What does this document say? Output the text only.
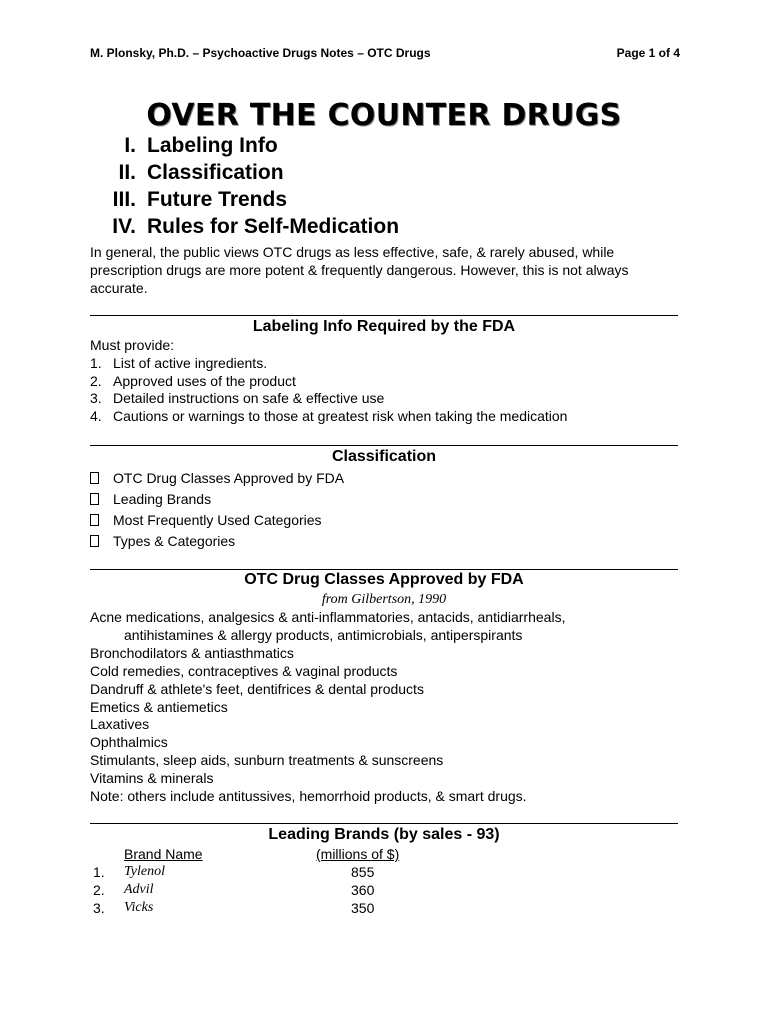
M. Plonsky, Ph.D. – Psychoactive Drugs Notes – OTC Drugs	Page 1 of 4
OVER THE COUNTER DRUGS
I. Labeling Info
II. Classification
III. Future Trends
IV. Rules for Self-Medication
In general, the public views OTC drugs as less effective, safe, & rarely abused, while
prescription drugs are more potent & frequently dangerous. However, this is not always
accurate.
Labeling Info Required by the FDA
Must provide:
1. List of active ingredients.
2. Approved uses of the product
3. Detailed instructions on safe & effective use
4. Cautions or warnings to those at greatest risk when taking the medication
Classification
OTC Drug Classes Approved by FDA
Leading Brands
Most Frequently Used Categories
Types & Categories
OTC Drug Classes Approved by FDA
from Gilbertson, 1990
Acne medications, analgesics & anti-inflammatories, antacids, antidiarrheals,
antihistamines & allergy products, antimicrobials, antiperspirants
Bronchodilators & antiasthmatics
Cold remedies, contraceptives & vaginal products
Dandruff & athlete's feet, dentifrices & dental products
Emetics & antiemetics
Laxatives
Ophthalmics
Stimulants, sleep aids, sunburn treatments & sunscreens
Vitamins & minerals
Note: others include antitussives, hemorrhoid products, & smart drugs.
Leading Brands (by sales - 93)
Brand Name	(millions of $)
1. Tylenol	855
2. Advil	360
3. Vicks	350
